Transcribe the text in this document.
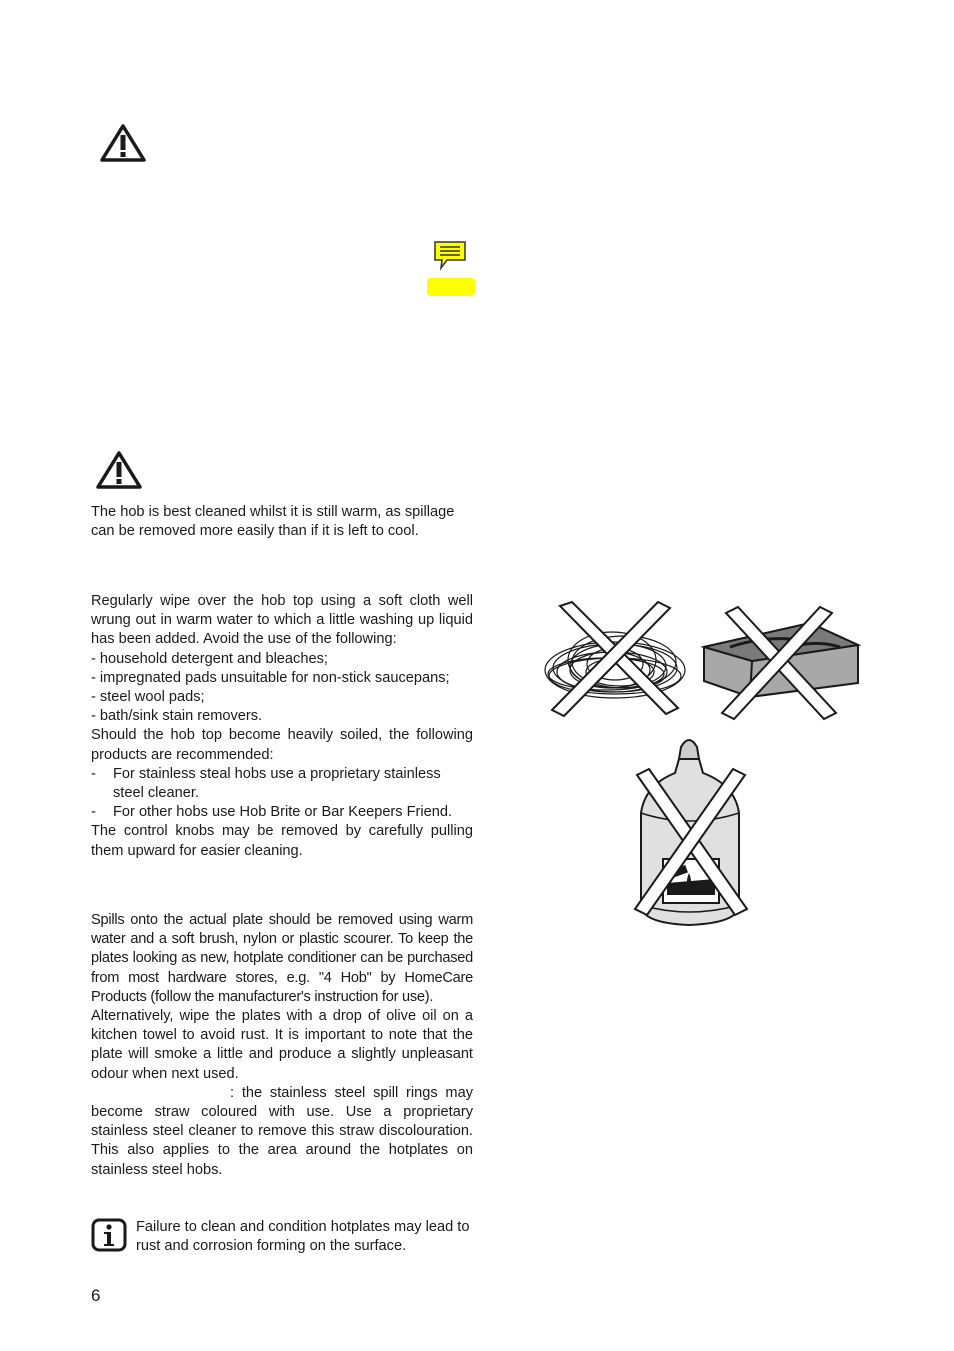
The hob is best cleaned whilst it is still warm, as spillage can be removed more easily than if it is left to cool.

Regularly wipe over the hob top using a soft cloth well wrung out in warm water to which a little washing up liquid has been added. Avoid the use of the following:

- household detergent and bleaches;

- impregnated pads unsuitable for non-stick saucepans;

- steel wool pads;

- bath/sink stain removers.

Should the hob top become heavily soiled, the following products are recommended:

- For stainless steal hobs use a proprietary stainless steel cleaner.

- For other hobs use Hob Brite or Bar Keepers Friend.

The control knobs may be removed by carefully pulling them upward for easier cleaning.

Spills onto the actual plate should be removed using warm water and a soft brush, nylon or plastic scourer. To keep the plates looking as new, hotplate conditioner can be purchased from most hardware stores, e.g. "4 Hob" by HomeCare Products (follow the manufacturer's instruction for use).

Alternatively, wipe the plates with a drop of olive oil on a kitchen towel to avoid rust. It is important to note that the plate will smoke a little and produce a slightly unpleasant odour when next used.

: the stainless steel spill rings may become straw coloured with use. Use a proprietary stainless steel cleaner to remove this straw discolouration. This also applies to the area around the hotplates on stainless steel hobs.

Failure to clean and condition hotplates may lead to rust and corrosion forming on the surface.
6
